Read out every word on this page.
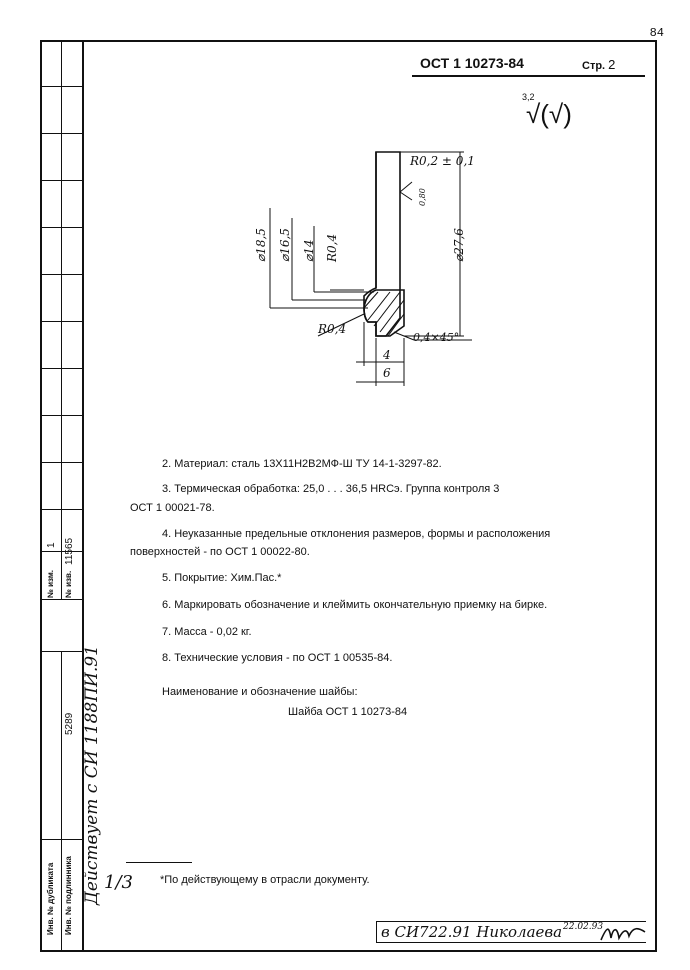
84
№ изм. № изв.
1 11565
Инв. № дубликата Инв. № подлинника
5289 Действует с СИ 1188ПИ.91
ОСТ 1 10273-84	Стр. 2
3,2
√(√)
⌀18,5 ⌀16,5 ⌀14 R0,4	⌀27,6
R0,2 ± 0,1
0,80
R0,4
0,4×45°
4
6
2. Материал: сталь 13Х11Н2В2МФ-Ш ТУ 14-1-3297-82.
3. Термическая обработка: 25,0 . . . 36,5 HRCэ. Группа контроля 3
ОСТ 1 00021-78.
4. Неуказанные предельные отклонения размеров, формы и расположения
поверхностей - по ОСТ 1 00022-80.
5. Покрытие: Хим.Пас.*
6. Маркировать обозначение и клеймить окончательную приемку на бирке.
7. Масса - 0,02 кг.
8. Технические условия - по ОСТ 1 00535-84.
Наименование и обозначение шайбы:
Шайба ОСТ 1 10273-84
1/3 *По действующему в отрасли документу.
в СИ722.91 Николаева 22.02.93
